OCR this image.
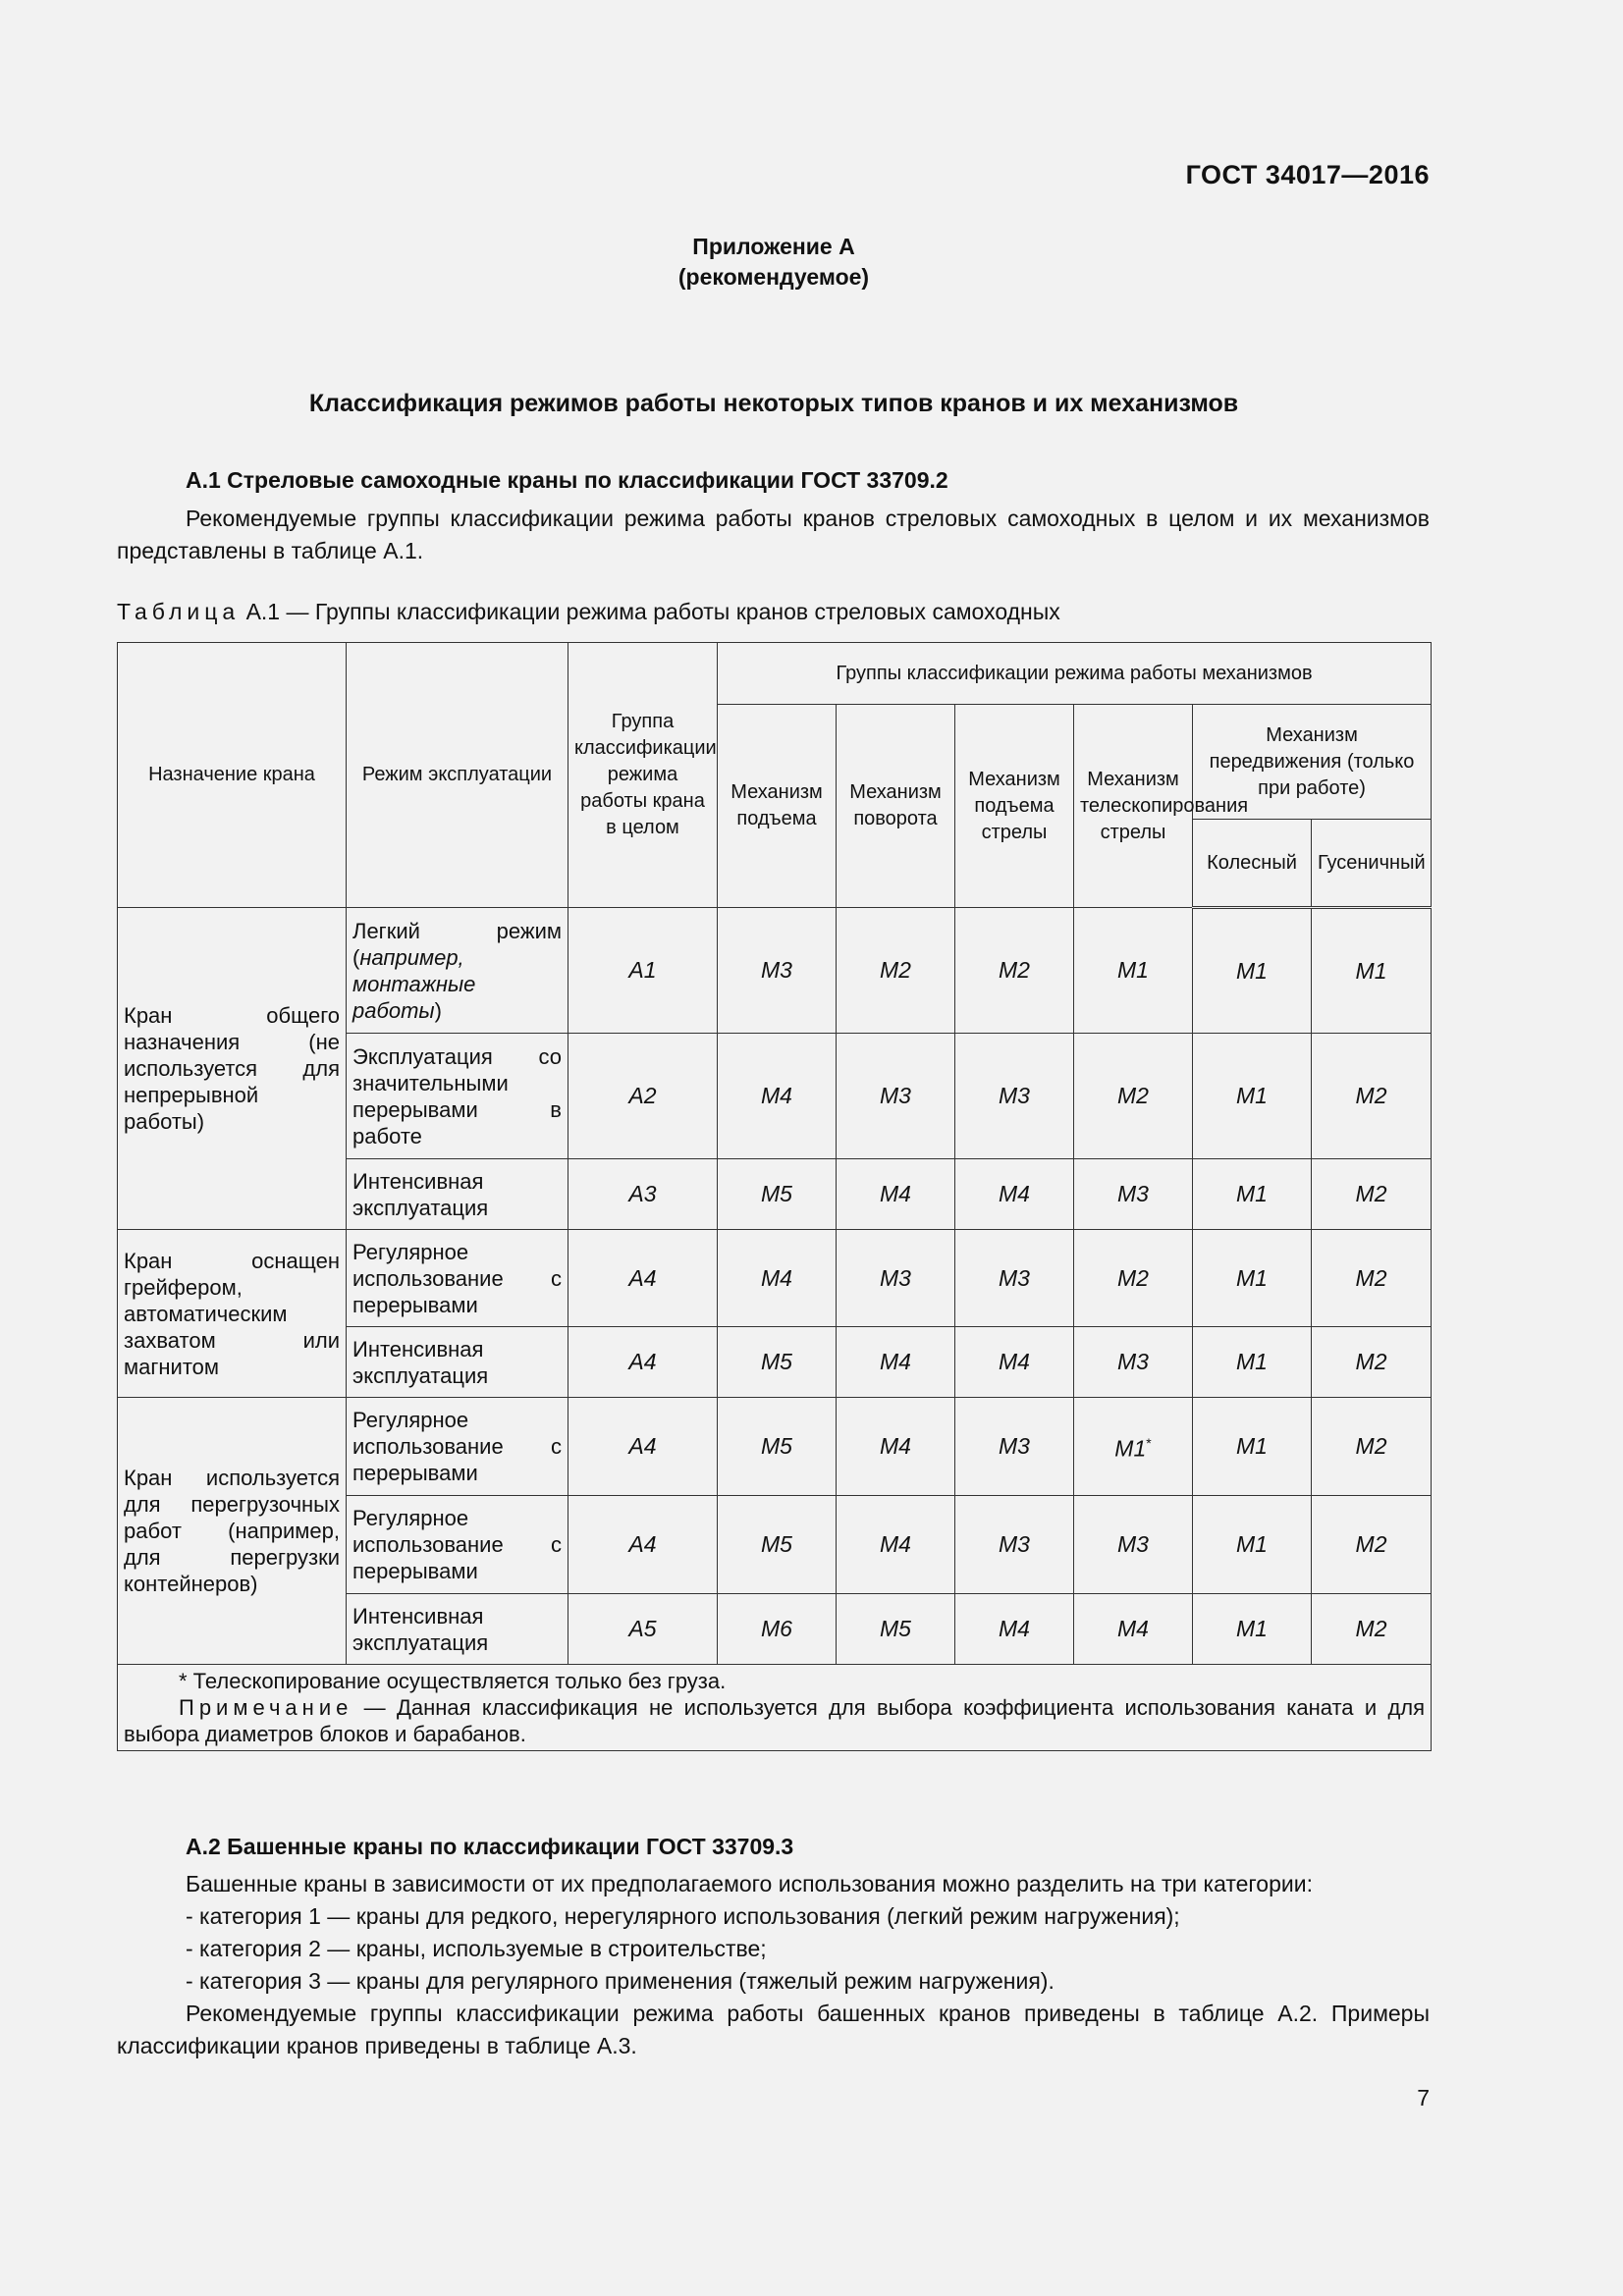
ГОСТ 34017—2016
Приложение А
(рекомендуемое)
Классификация режимов работы некоторых типов кранов и их механизмов
А.1 Стреловые самоходные краны по классификации ГОСТ 33709.2
Рекомендуемые группы классификации режима работы кранов стреловых самоходных в целом и их механизмов представлены в таблице А.1.
Таблица А.1 — Группы классификации режима работы кранов стреловых самоходных
Назначение крана	Режим эксплуатации	Группа классификации режима работы крана в целом	Группы классификации режима работы механизмов					
			Механизм подъема	Механизм поворота	Механизм подъема стрелы	Механизм телескопирования стрелы	Механизм передвижения (только при работе)	
							Колесный	Гусеничный
Кран общего назначения (не используется для непрерывной работы)	Легкий режим (например, монтажные работы)	А1	М3	М2	М2	М1	М1	М1
	Эксплуатация со значительными перерывами в работе	А2	М4	М3	М3	М2	М1	М2
	Интенсивная эксплуатация	А3	М5	М4	М4	М3	М1	М2
Кран оснащен грейфером, автоматическим захватом или магнитом	Регулярное использование с перерывами	А4	М4	М3	М3	М2	М1	М2
	Интенсивная эксплуатация	А4	М5	М4	М4	М3	М1	М2
Кран используется для перегрузочных работ (например, для перегрузки контейнеров)	Регулярное использование с перерывами	А4	М5	М4	М3	М1*	М1	М2
	Регулярное использование с перерывами	А4	М5	М4	М3	М3	М1	М2
	Интенсивная эксплуатация	А5	М6	М5	М4	М4	М1	М2

* Телескопирование осуществляется только без груза.
Примечание — Данная классификация не используется для выбора коэффициента использования каната и для выбора диаметров блоков и барабанов.								
А.2 Башенные краны по классификации ГОСТ 33709.3
Башенные краны в зависимости от их предполагаемого использования можно разделить на три категории:
- категория 1 — краны для редкого, нерегулярного использования (легкий режим нагружения);
- категория 2 — краны, используемые в строительстве;
- категория 3 — краны для регулярного применения (тяжелый режим нагружения).
Рекомендуемые группы классификации режима работы башенных кранов приведены в таблице А.2. Примеры классификации кранов приведены в таблице А.3.
7
